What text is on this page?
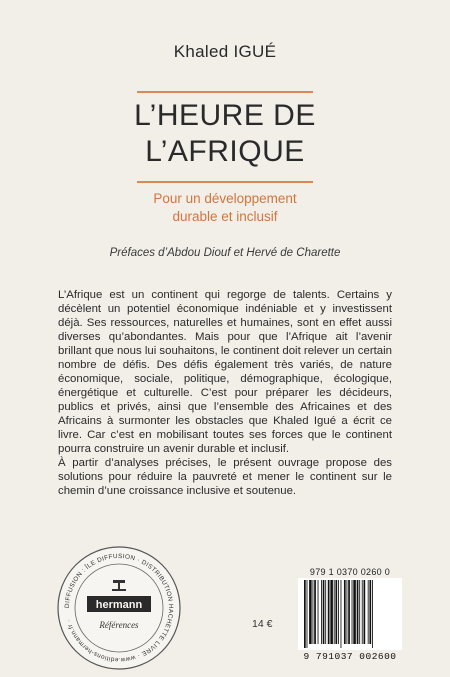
Khaled IGUÉ
L’HEURE DE
L’AFRIQUE
Pour un développement
durable et inclusif
Préfaces d’Abdou Diouf et Hervé de Charette

L’Afrique est un continent qui regorge de talents. Certains y décèlent un potentiel économique indéniable et y investissent déjà. Ses ressources, naturelles et humaines, sont en effet aussi diverses qu’abondantes. Mais pour que l’Afrique ait l’avenir brillant que nous lui souhaitons, le continent doit relever un certain nombre de défis. Des défis également très variés, de nature économique, sociale, politique, démographique, écologique, énergétique et culturelle. C’est pour préparer les décideurs, publics et privés, ainsi que l’ensemble des Africaines et des Africains à surmonter les obstacles que Khaled Igué a écrit ce livre. Car c’est en mobilisant toutes ses forces que le continent pourra construire un avenir durable et inclusif.

À partir d’analyses précises, le présent ouvrage propose des solutions pour réduire la pauvreté et mener le continent sur le chemin d’une croissance inclusive et soutenue.

DIFFUSION : ÎLE DIFFUSION · DISTRIBUTION HACHETTE LIVRE · www.editions-hermann.fr ·
hermann
Références	14 €
979 1 0370 0260 0
9 791037 002600
